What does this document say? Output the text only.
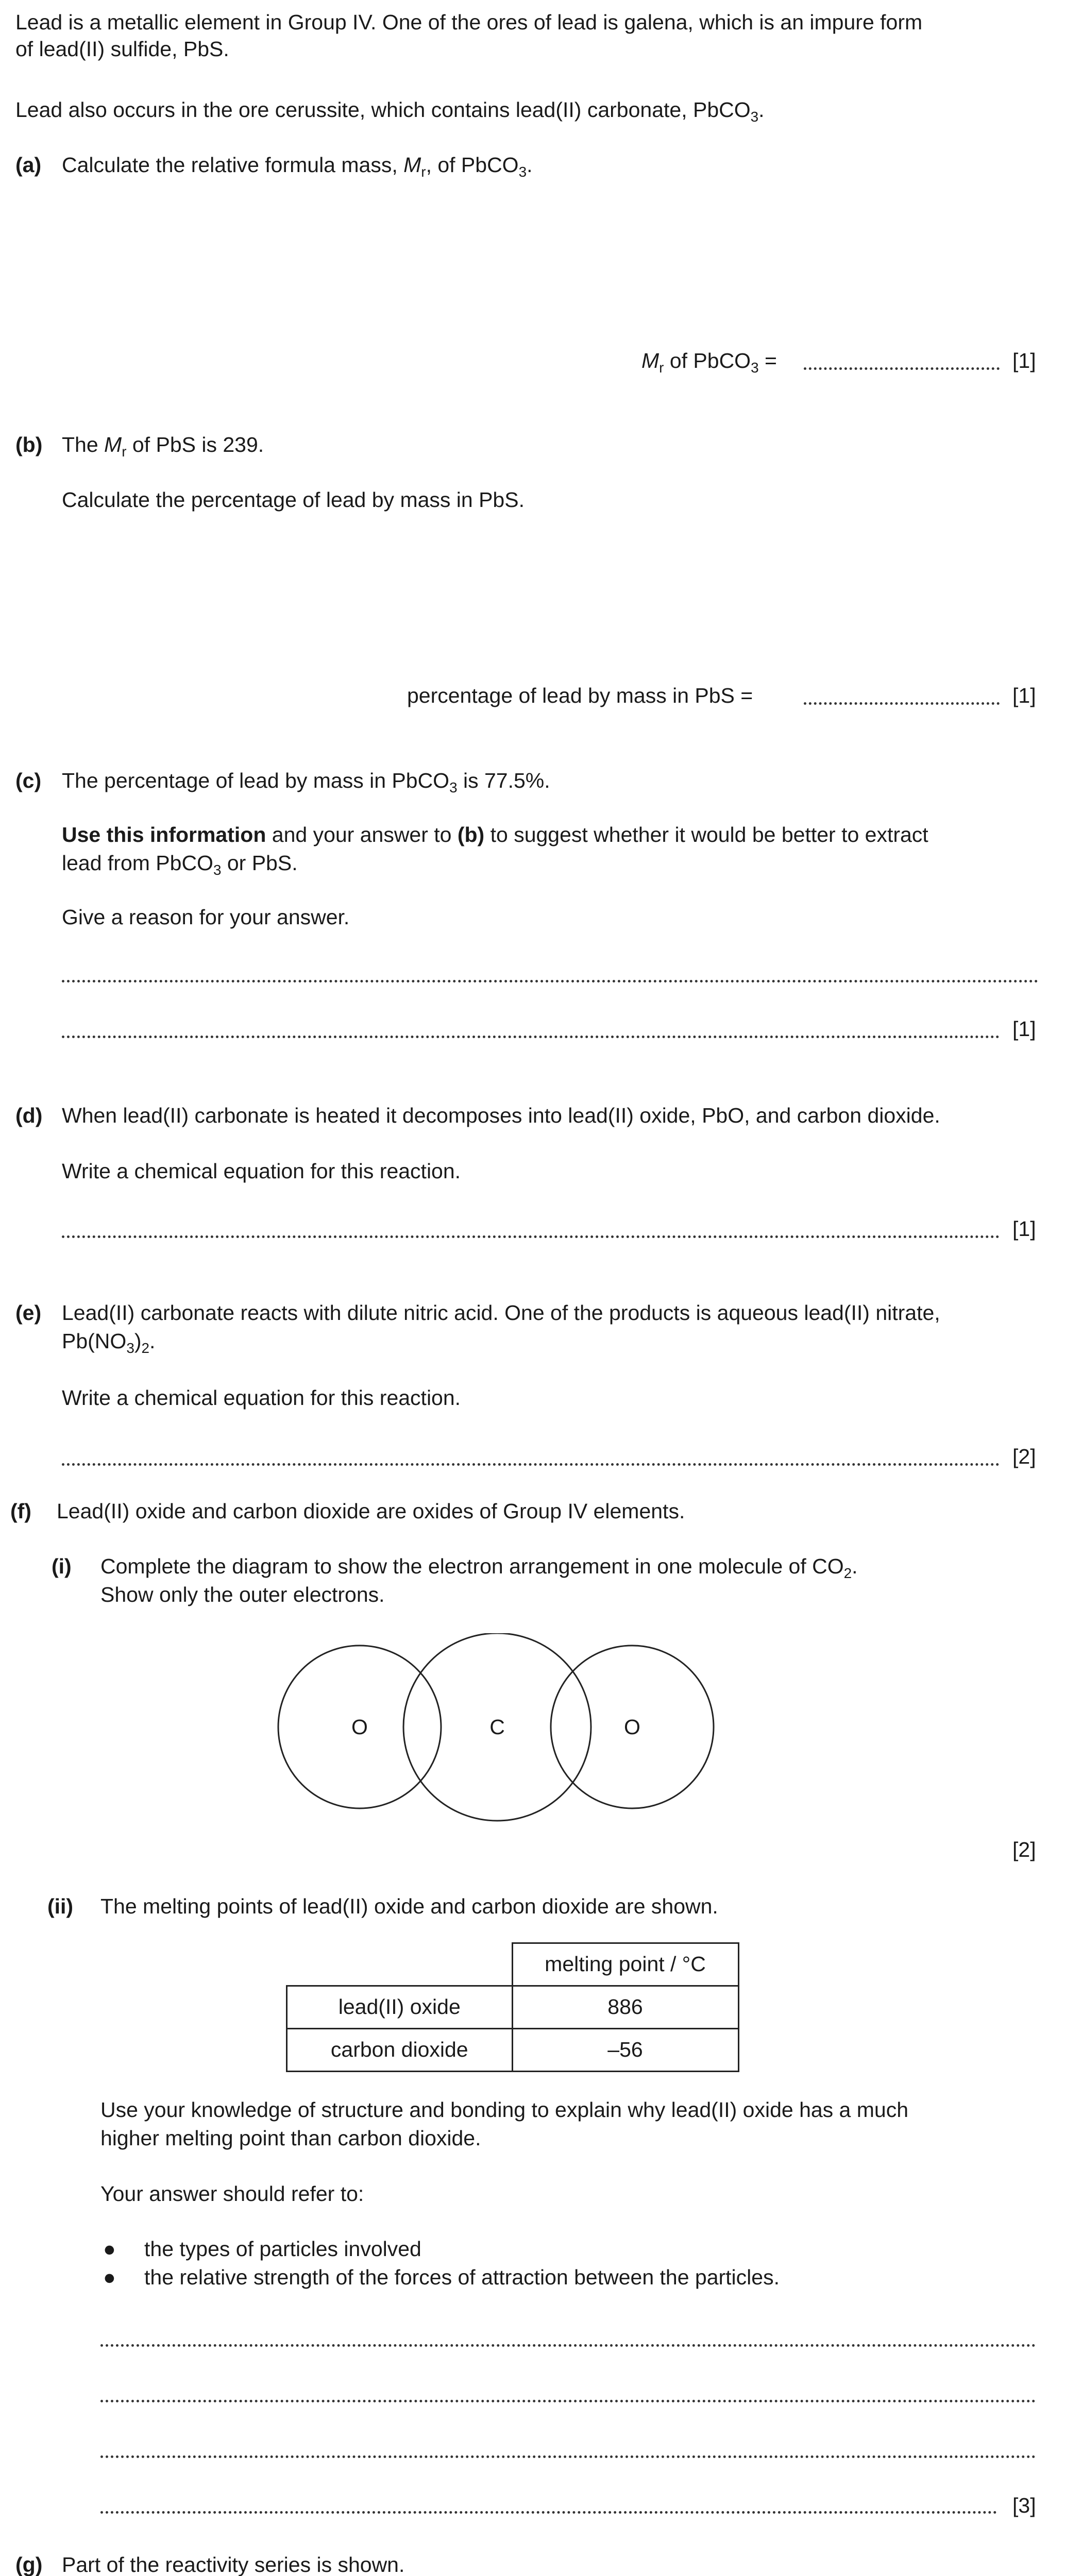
Lead is a metallic element in Group IV. One of the ores of lead is galena, which is an impure form
of lead(II) sulfide, PbS.
Lead also occurs in the ore cerussite, which contains lead(II) carbonate, PbCO$_3$.
(a) Calculate the relative formula mass, $M_r$, of PbCO$_3$.
$M_r$ of PbCO$_3$ =	[1]
(b) The $M_r$ of PbS is 239.
Calculate the percentage of lead by mass in PbS.
percentage of lead by mass in PbS =	[1]
(c) The percentage of lead by mass in PbCO$_3$ is 77.5%.
Use this information and your answer to (b) to suggest whether it would be better to extract
lead from PbCO$_3$ or PbS.
Give a reason for your answer.
[1]
(d) When lead(II) carbonate is heated it decomposes into lead(II) oxide, PbO, and carbon dioxide.
Write a chemical equation for this reaction.
[1]
(e) Lead(II) carbonate reacts with dilute nitric acid. One of the products is aqueous lead(II) nitrate,
$Pb(NO_3)_2$.
Write a chemical equation for this reaction.
[2]
(f) Lead(II) oxide and carbon dioxide are oxides of Group IV elements.
(i) Complete the diagram to show the electron arrangement in one molecule of $CO_2$.
Show only the outer electrons.
O	C	O
[2]
(ii) The melting points of lead(II) oxide and carbon dioxide are shown.
	melting point / °C
lead(II) oxide	886
carbon dioxide	–56
Use your knowledge of structure and bonding to explain why lead(II) oxide has a much
higher melting point than carbon dioxide.
Your answer should refer to:
● the types of particles involved
● the relative strength of the forces of attraction between the particles.
[3]
(g) Part of the reactivity series is shown.
